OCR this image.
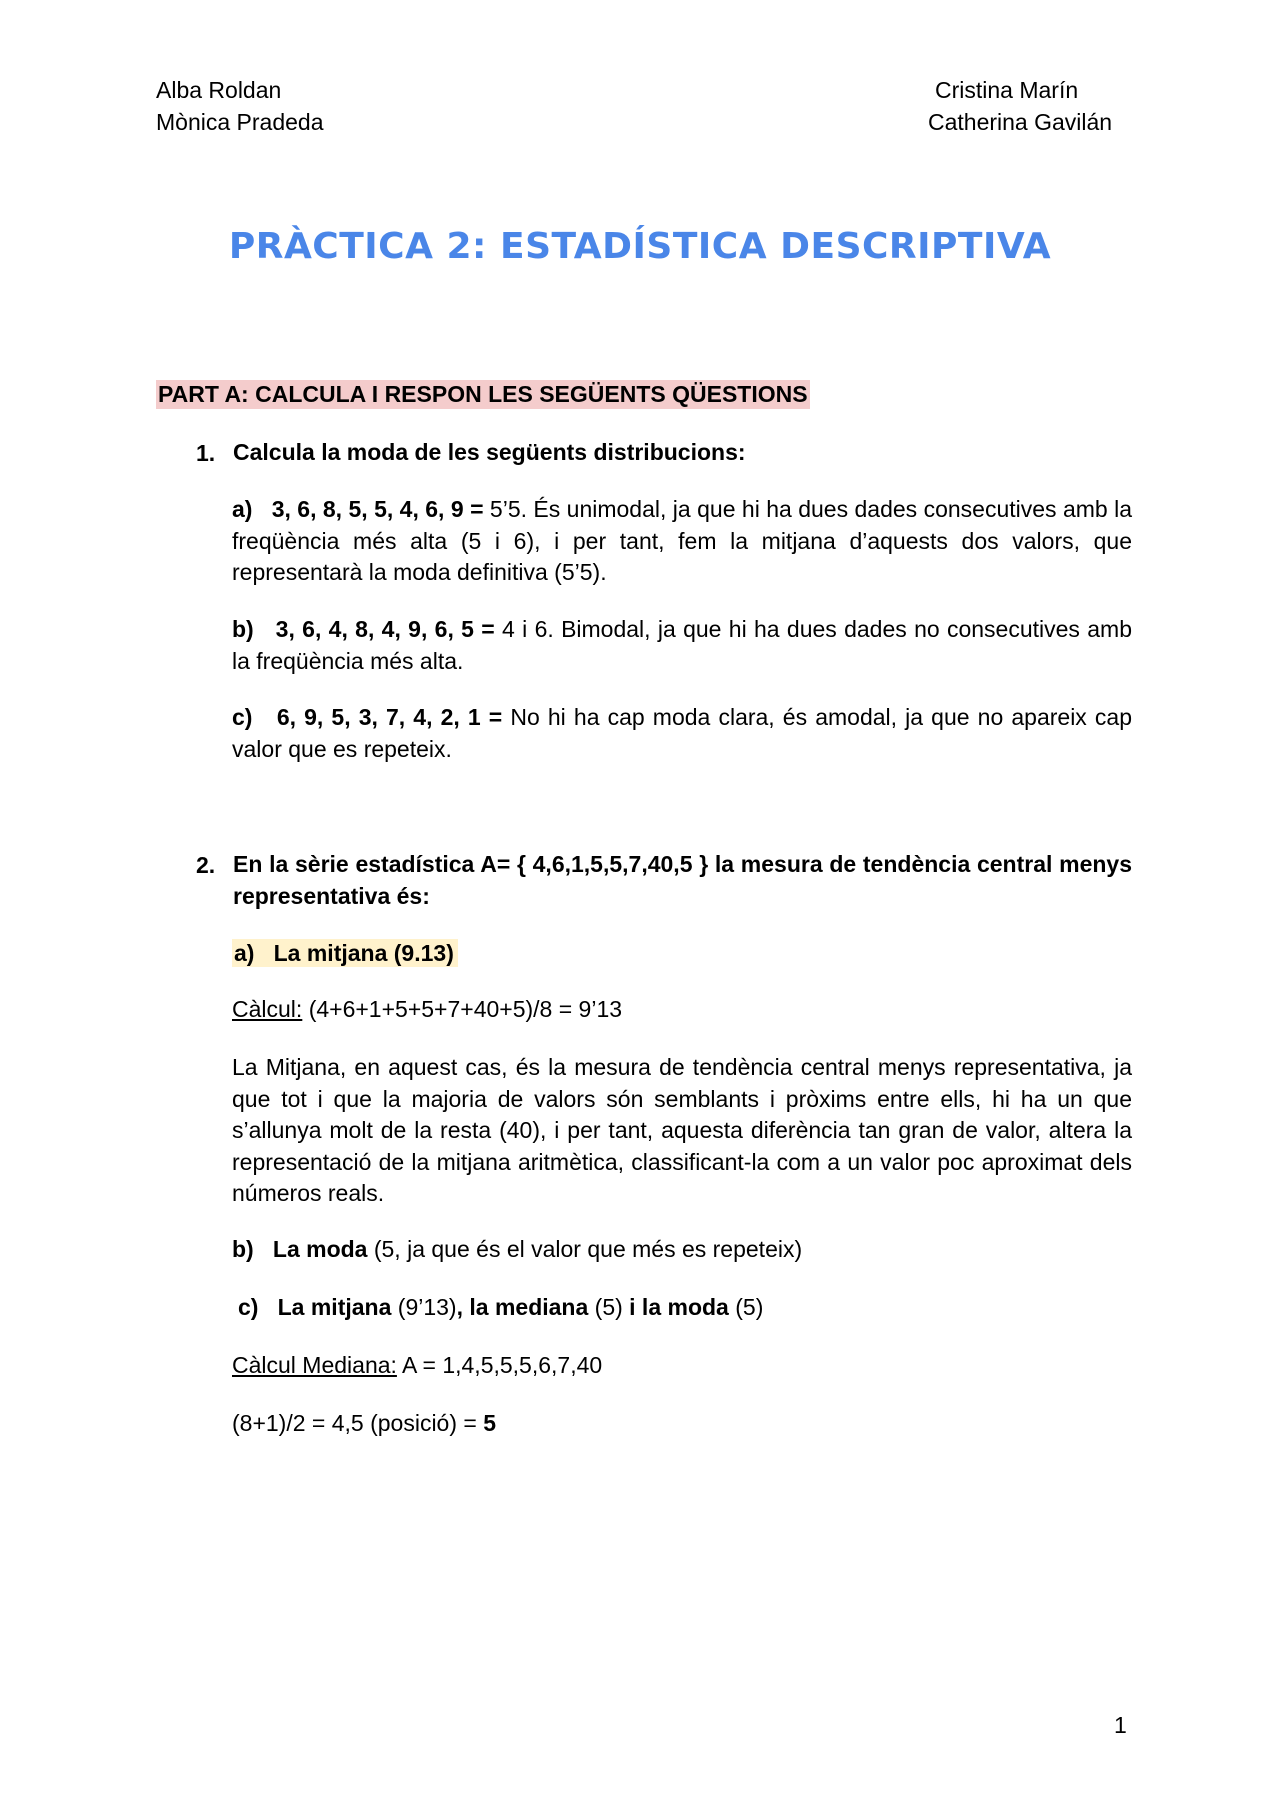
Alba Roldan
Mònica Pradeda
Cristina Marín
Catherina Gavilán
PRÀCTICA 2: ESTADÍSTICA DESCRIPTIVA
PART A: CALCULA I RESPON LES SEGÜENTS QÜESTIONS
1. Calcula la moda de les següents distribucions:
a) 3, 6, 8, 5, 5, 4, 6, 9 = 5’5. És unimodal, ja que hi ha dues dades consecutives amb la freqüència més alta (5 i 6), i per tant, fem la mitjana d’aquests dos valors, que representarà la moda definitiva (5’5).
b) 3, 6, 4, 8, 4, 9, 6, 5 = 4 i 6. Bimodal, ja que hi ha dues dades no consecutives amb la freqüència més alta.
c) 6, 9, 5, 3, 7, 4, 2, 1 = No hi ha cap moda clara, és amodal, ja que no apareix cap valor que es repeteix.
2. En la sèrie estadística A= { 4,6,1,5,5,7,40,5 } la mesura de tendència central menys representativa és:
a) La mitjana (9.13)
Càlcul: (4+6+1+5+5+7+40+5)/8 = 9’13
La Mitjana, en aquest cas, és la mesura de tendència central menys representativa, ja que tot i que la majoria de valors són semblants i pròxims entre ells, hi ha un que s’allunya molt de la resta (40), i per tant, aquesta diferència tan gran de valor, altera la representació de la mitjana aritmètica, classificant-la com a un valor poc aproximat dels números reals.
b) La moda (5, ja que és el valor que més es repeteix)
c) La mitjana (9’13), la mediana (5) i la moda (5)
Càlcul Mediana: A = 1,4,5,5,5,6,7,40
(8+1)/2 = 4,5 (posició) = 5
1
